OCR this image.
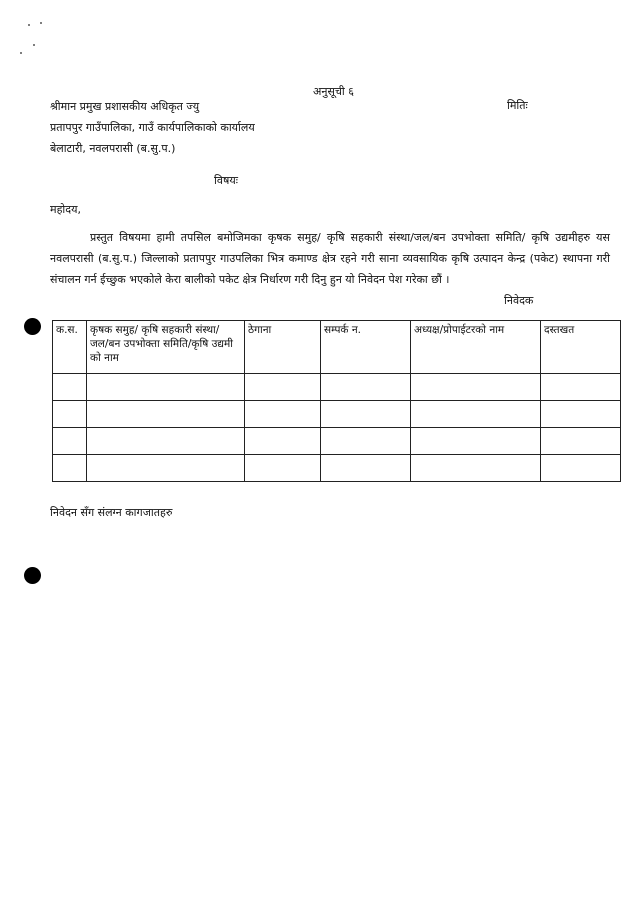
अनुसूची ६
मितिः
श्रीमान प्रमुख प्रशासकीय अधिकृत ज्यु
प्रतापपुर गाउँपालिका, गाउँ कार्यपालिकाको कार्यालय
बेलाटारी, नवलपरासी (ब.सु.प.)
विषयः
महोदय,
प्रस्तुत विषयमा हामी तपसिल बमोजिमका कृषक समुह/ कृषि सहकारी संस्था/जल/बन उपभोक्ता समिति/ कृषि उद्यमीहरु यस नवलपरासी (ब.सु.प.) जिल्लाको प्रतापपुर गाउपलिका भित्र कमाण्ड क्षेत्र रहने गरी साना व्यवसायिक कृषि उत्पादन केन्द्र (पकेट) स्थापना गरी संचालन गर्न ईच्छुक भएकोले केरा बालीको पकेट क्षेत्र निर्धारण गरी दिनु हुन यो निवेदन पेश गरेका छौं ।
निवेदक
क.स.	कृषक समुह/ कृषि सहकारी संस्था/ जल/बन उपभोक्ता समिति/कृषि उद्यमी को नाम	ठेगाना	सम्पर्क न.	अध्यक्ष/प्रोपाईटरको नाम	दस्तखत

निवेदन सँग संलग्न कागजातहरु
